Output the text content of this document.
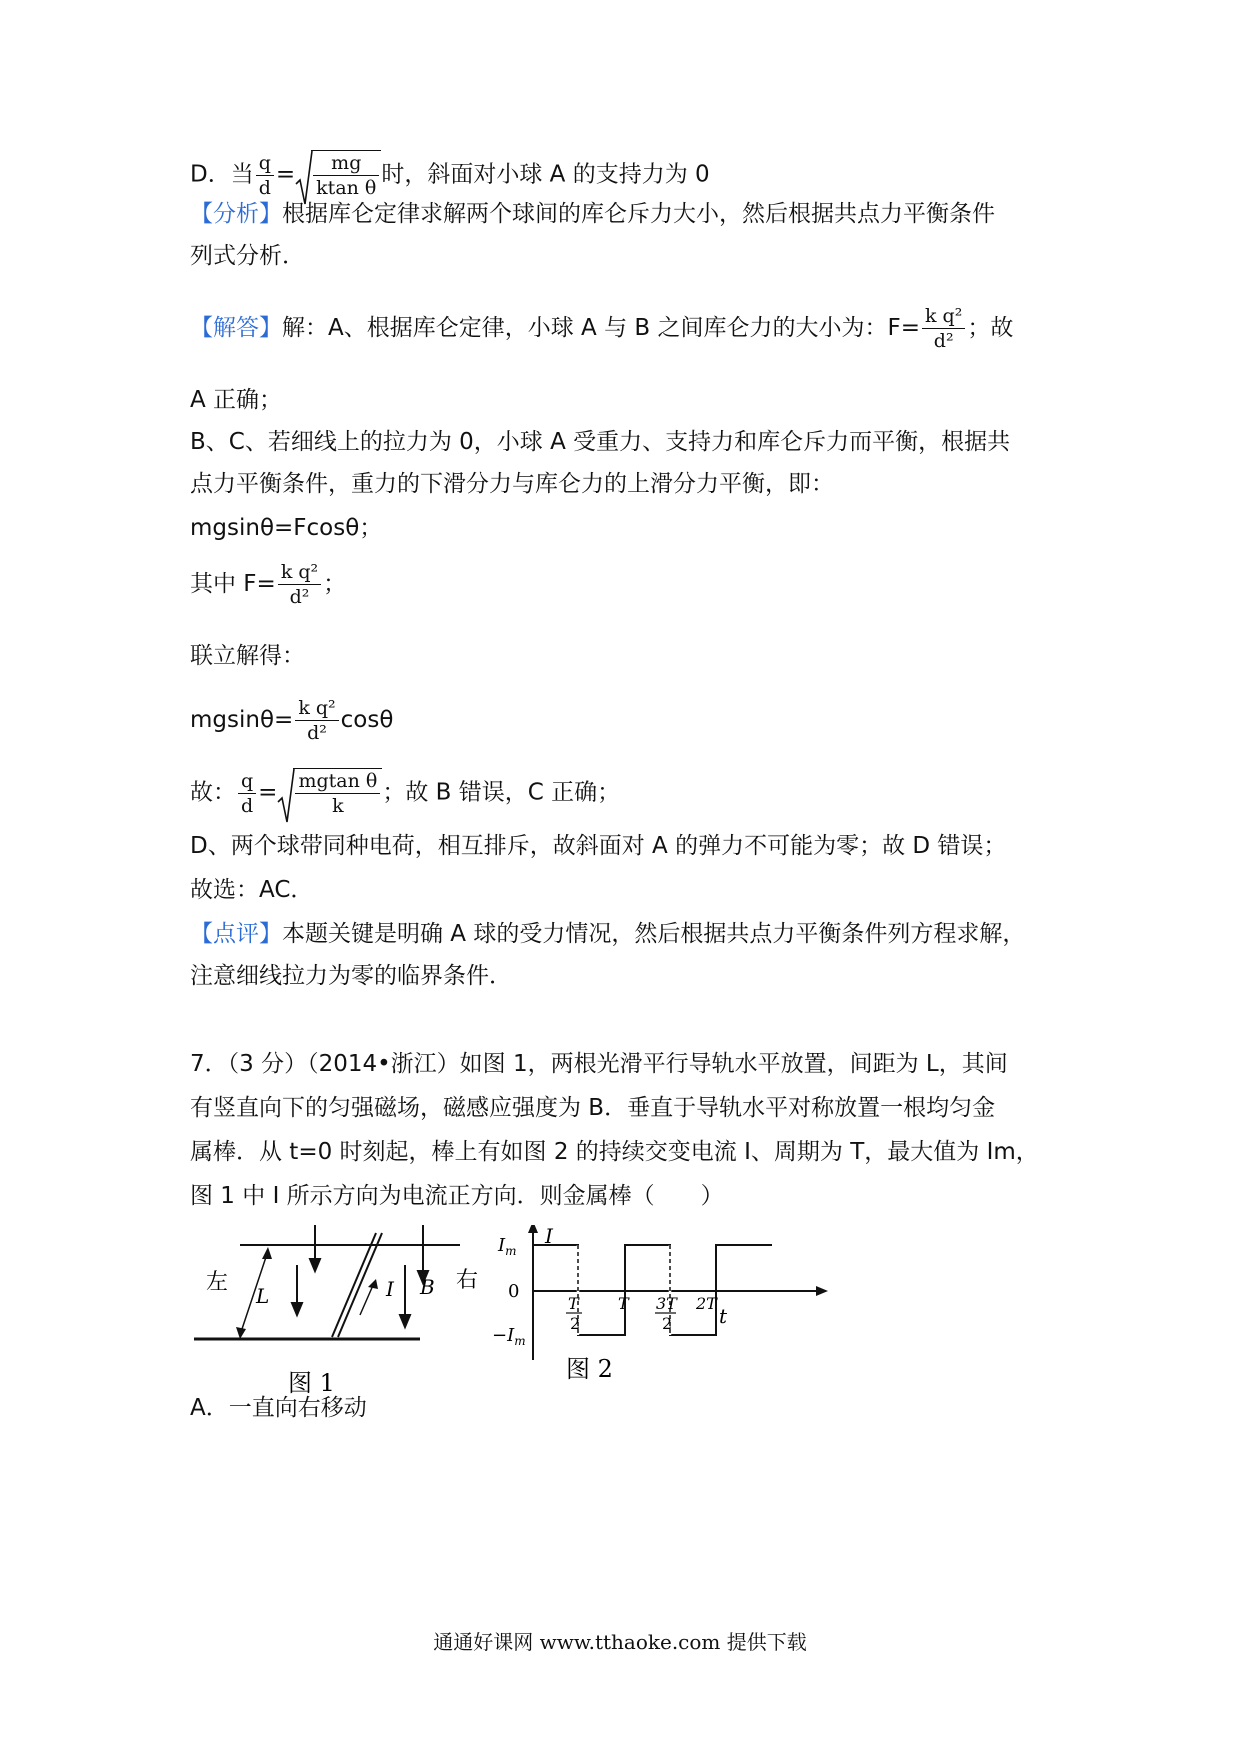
D．当 $\frac{q}{d} = \frac{mg}{\text{ktan θ}}$ 时，斜面对小球 A 的支持力为 0
【分析】根据库仑定律求解两个球间的库仑斥力大小，然后根据共点力平衡条件
列式分析．
【解答】解：A、根据库仑定律，小球 A 与 B 之间库仑力的大小为：$F= \frac{\text{k q²}}{\text{d²}}$ ；故
A 正确；
B、C、若细线上的拉力为 0，小球 A 受重力、支持力和库仑斥力而平衡，根据共
点力平衡条件，重力的下滑分力与库仑力的上滑分力平衡，即：
mgsinθ=Fcosθ；
其中 $F= \frac{\text{k q²}}{\text{d²}}$ ；
联立解得：
$mgsin\theta= \frac{\text{k q²}}{\text{d²}}$ cosθ
故： $\frac{q}{d} = \frac{\text{mgtan θ}}{k}$ ；故 B 错误，C 正确；
D、两个球带同种电荷，相互排斥，故斜面对 A 的弹力不可能为零；故 D 错误；
故选：AC．
【点评】本题关键是明确 A 球的受力情况，然后根据共点力平衡条件列方程求解，
注意细线拉力为零的临界条件．
7．（3 分）（2014•浙江）如图 1，两根光滑平行导轨水平放置，间距为 L，其间
有竖直向下的匀强磁场，磁感应强度为 B．垂直于导轨水平对称放置一根均匀金
属棒．从 t=0 时刻起，棒上有如图 2 的持续交变电流 I、周期为 T，最大值为 Im，
图 1 中 I 所示方向为电流正方向．则金属棒（　　）
左
L	I B 右
图 1
$I_m$
I
0
$-I_m$
t
T
2
T 3T
2
2T
图 2
A．一直向右移动
通通好课网 www.tthaoke.com 提供下载
